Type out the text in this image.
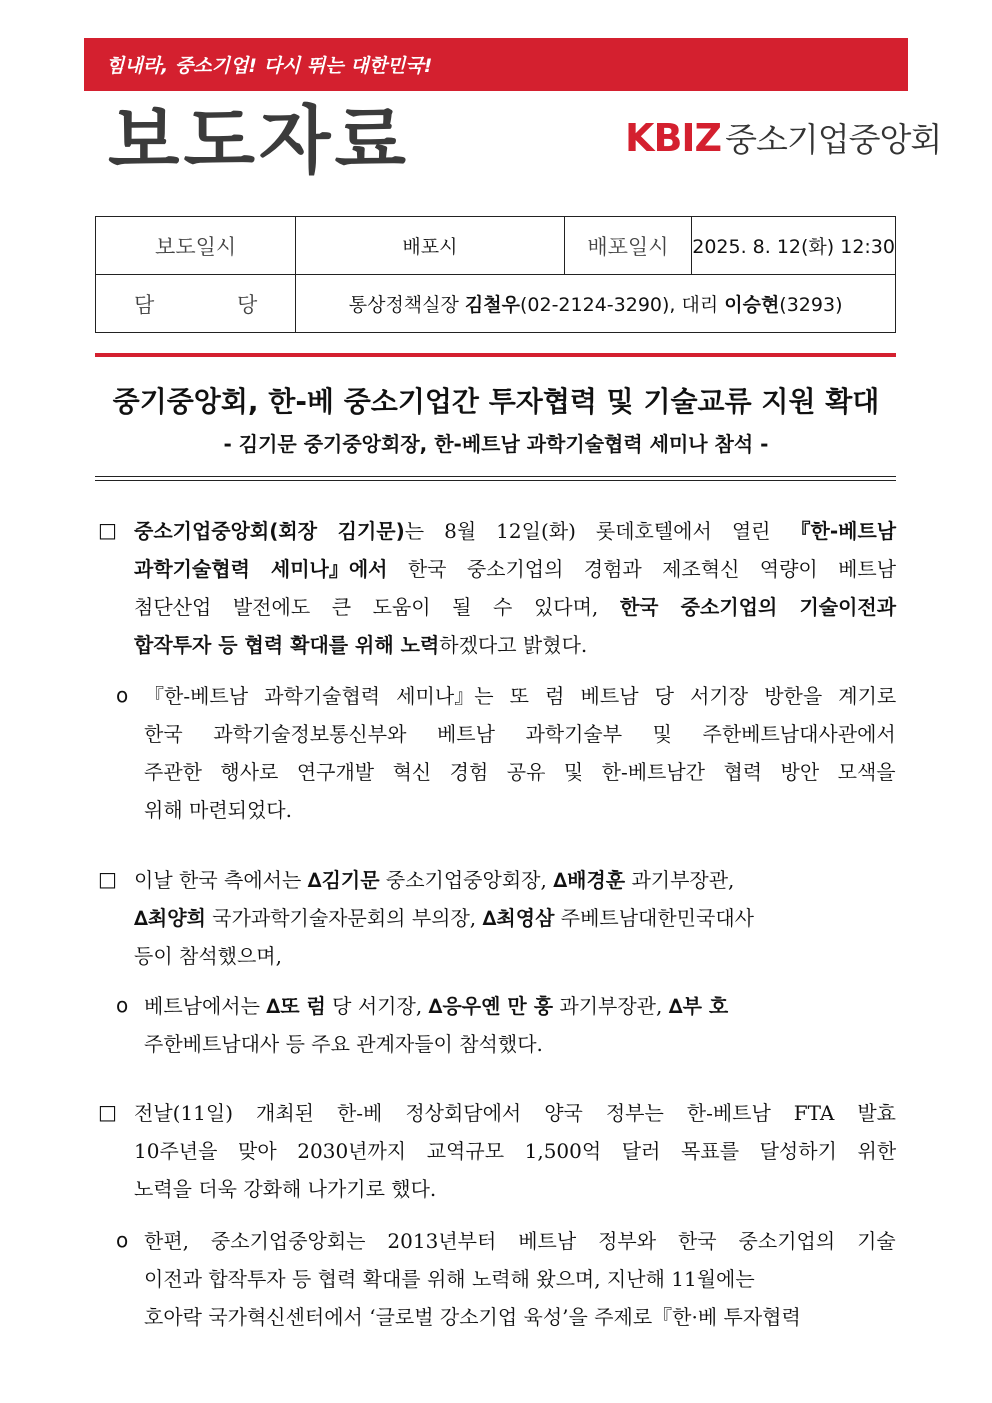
힘내라, 중소기업! 다시 뛰는 대한민국!
보도자료	KBIZ 중소기업중앙회
보도일시	배포시	배포일시	2025. 8. 12(화) 12:30
담 당	통상정책실장 김철우(02-2124-3290), 대리 이승현(3293)		
중기중앙회, 한-베 중소기업간 투자협력 및 기술교류 지원 확대
- 김기문 중기중앙회장, 한-베트남 과학기술협력 세미나 참석 -
□ 중소기업중앙회(회장 김기문)는 8월 12일(화) 롯데호텔에서 열린 『한-베트남
과학기술협력 세미나』에서 한국 중소기업의 경험과 제조혁신 역량이 베트남
첨단산업 발전에도 큰 도움이 될 수 있다며, 한국 중소기업의 기술이전과
합작투자 등 협력 확대를 위해 노력하겠다고 밝혔다.
ο 『한-베트남 과학기술협력 세미나』는 또 럼 베트남 당 서기장 방한을 계기로
한국 과학기술정보통신부와 베트남 과학기술부 및 주한베트남대사관에서
주관한 행사로 연구개발 혁신 경험 공유 및 한-베트남간 협력 방안 모색을
위해 마련되었다.
□ 이날 한국 측에서는 ∆김기문 중소기업중앙회장, ∆배경훈 과기부장관,
∆최양희 국가과학기술자문회의 부의장, ∆최영삼 주베트남대한민국대사
등이 참석했으며,
ο 베트남에서는 ∆또 럼 당 서기장, ∆응우옌 만 훙 과기부장관, ∆부 호
주한베트남대사 등 주요 관계자들이 참석했다.
□ 전날(11일) 개최된 한-베 정상회담에서 양국 정부는 한-베트남 FTA 발효
10주년을 맞아 2030년까지 교역규모 1,500억 달러 목표를 달성하기 위한
노력을 더욱 강화해 나가기로 했다.
ο 한편, 중소기업중앙회는 2013년부터 베트남 정부와 한국 중소기업의 기술
이전과 합작투자 등 협력 확대를 위해 노력해 왔으며, 지난해 11월에는
호아락 국가혁신센터에서 ‘글로벌 강소기업 육성’을 주제로『한·베 투자협력
